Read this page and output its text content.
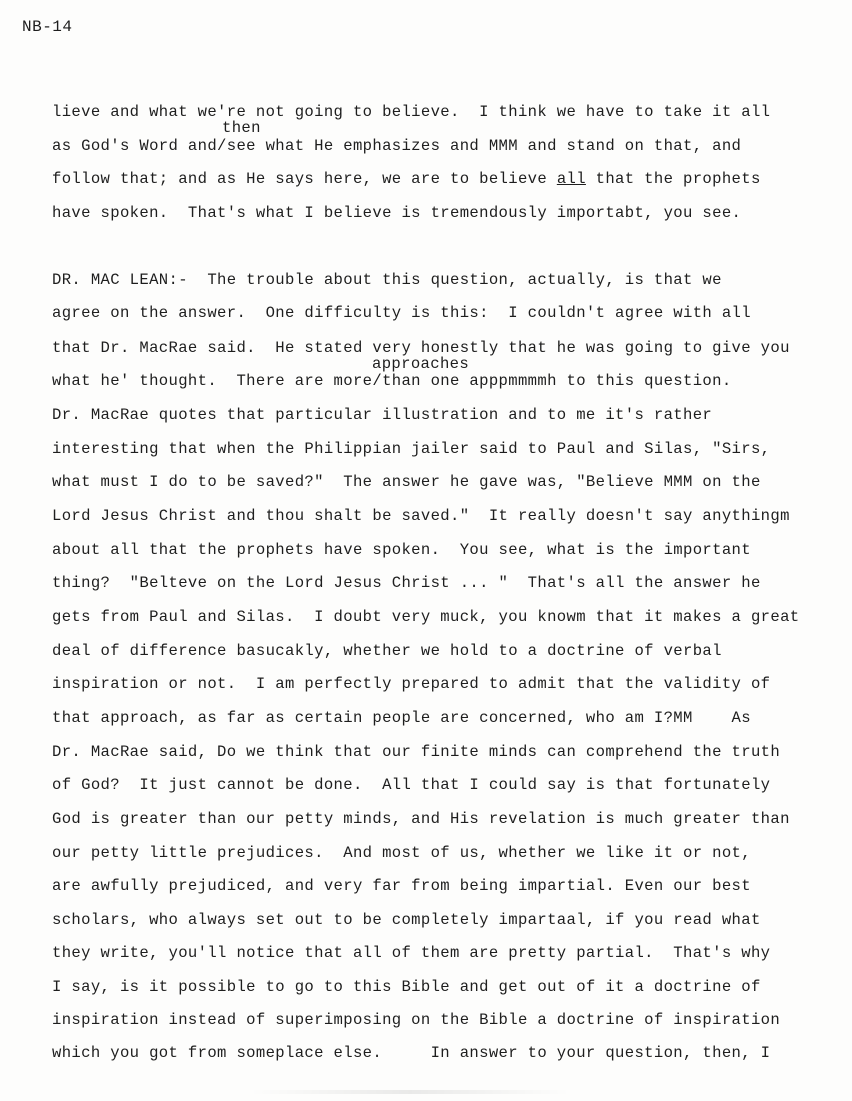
NB-14
lieve and what we're not going to believe.  I think we have to take it all
then
as God's Word and/see what He emphasizes and MMM and stand on that, and
follow that; and as He says here, we are to believe all that the prophets
have spoken.  That's what I believe is tremendously importabt, you see.
DR. MAC LEAN:-  The trouble about this question, actually, is that we
agree on the answer.  One difficulty is this:  I couldn't agree with all
that Dr. MacRae said.  He stated very honestly that he was going to give you
approaches
what he' thought.  There are more/than one apppmmmmh to this question.
Dr. MacRae quotes that particular illustration and to me it's rather
interesting that when the Philippian jailer said to Paul and Silas, "Sirs,
what must I do to be saved?"  The answer he gave was, "Believe MMM on the
Lord Jesus Christ and thou shalt be saved."  It really doesn't say anythingm
about all that the prophets have spoken.  You see, what is the important
thing?  "Belteve on the Lord Jesus Christ ... "  That's all the answer he
gets from Paul and Silas.  I doubt very muck, you knowm that it makes a great
deal of difference basucakly, whether we hold to a doctrine of verbal
inspiration or not.  I am perfectly prepared to admit that the validity of
that approach, as far as certain people are concerned, who am I?MM    As
Dr. MacRae said, Do we think that our finite minds can comprehend the truth
of God?  It just cannot be done.  All that I could say is that fortunately
God is greater than our petty minds, and His revelation is much greater than
our petty little prejudices.  And most of us, whether we like it or not,
are awfully prejudiced, and very far from being impartial. Even our best
scholars, who always set out to be completely impartaal, if you read what
they write, you'll notice that all of them are pretty partial.  That's why
I say, is it possible to go to this Bible and get out of it a doctrine of
inspiration instead of superimposing on the Bible a doctrine of inspiration
which you got from someplace else.     In answer to your question, then, I
